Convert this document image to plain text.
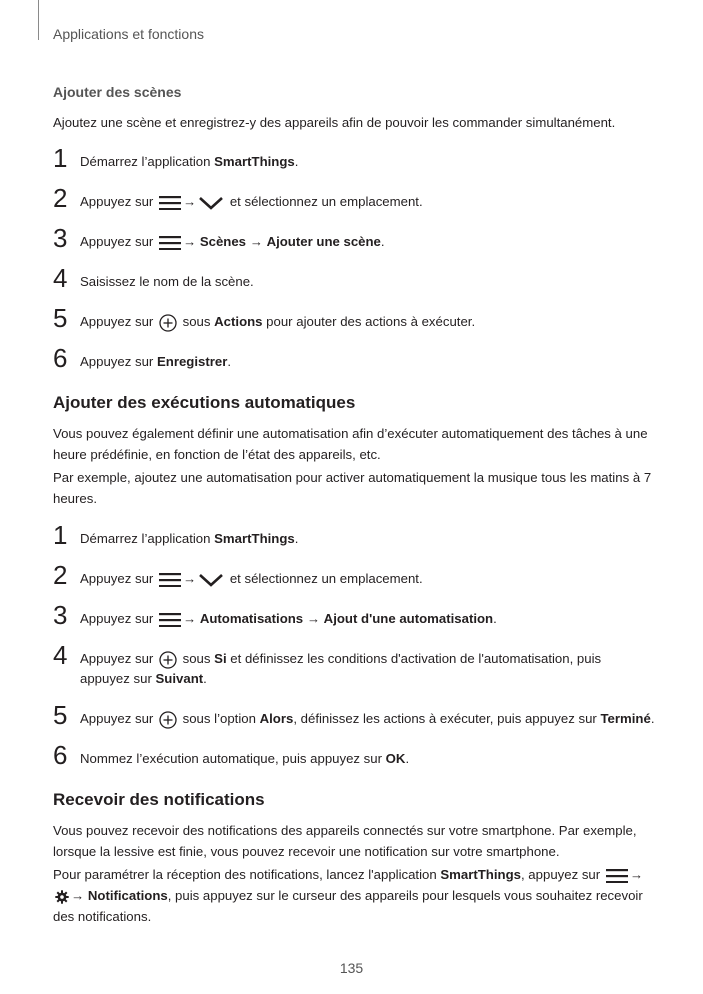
Applications et fonctions
Ajouter des scènes
Ajoutez une scène et enregistrez-y des appareils afin de pouvoir les commander simultanément.
1 Démarrez l’application SmartThings.
2 Appuyez sur → et sélectionnez un emplacement.
3 Appuyez sur → Scènes → Ajouter une scène.
4 Saisissez le nom de la scène.
5 Appuyez sur  sous Actions pour ajouter des actions à exécuter.
6 Appuyez sur Enregistrer.
Ajouter des exécutions automatiques
Vous pouvez également définir une automatisation afin d’exécuter automatiquement des tâches à une heure prédéfinie, en fonction de l’état des appareils, etc.
Par exemple, ajoutez une automatisation pour activer automatiquement la musique tous les matins à 7 heures.
1 Démarrez l’application SmartThings.
2 Appuyez sur → et sélectionnez un emplacement.
3 Appuyez sur → Automatisations → Ajout d'une automatisation.
4 Appuyez sur  sous Si et définissez les conditions d'activation de l'automatisation, puis appuyez sur Suivant.
5 Appuyez sur  sous l’option Alors, définissez les actions à exécuter, puis appuyez sur Terminé.
6 Nommez l’exécution automatique, puis appuyez sur OK.
Recevoir des notifications
Vous pouvez recevoir des notifications des appareils connectés sur votre smartphone. Par exemple, lorsque la lessive est finie, vous pouvez recevoir une notification sur votre smartphone.
Pour paramétrer la réception des notifications, lancez l'application SmartThings, appuyez sur → → Notifications, puis appuyez sur le curseur des appareils pour lesquels vous souhaitez recevoir des notifications.
135
